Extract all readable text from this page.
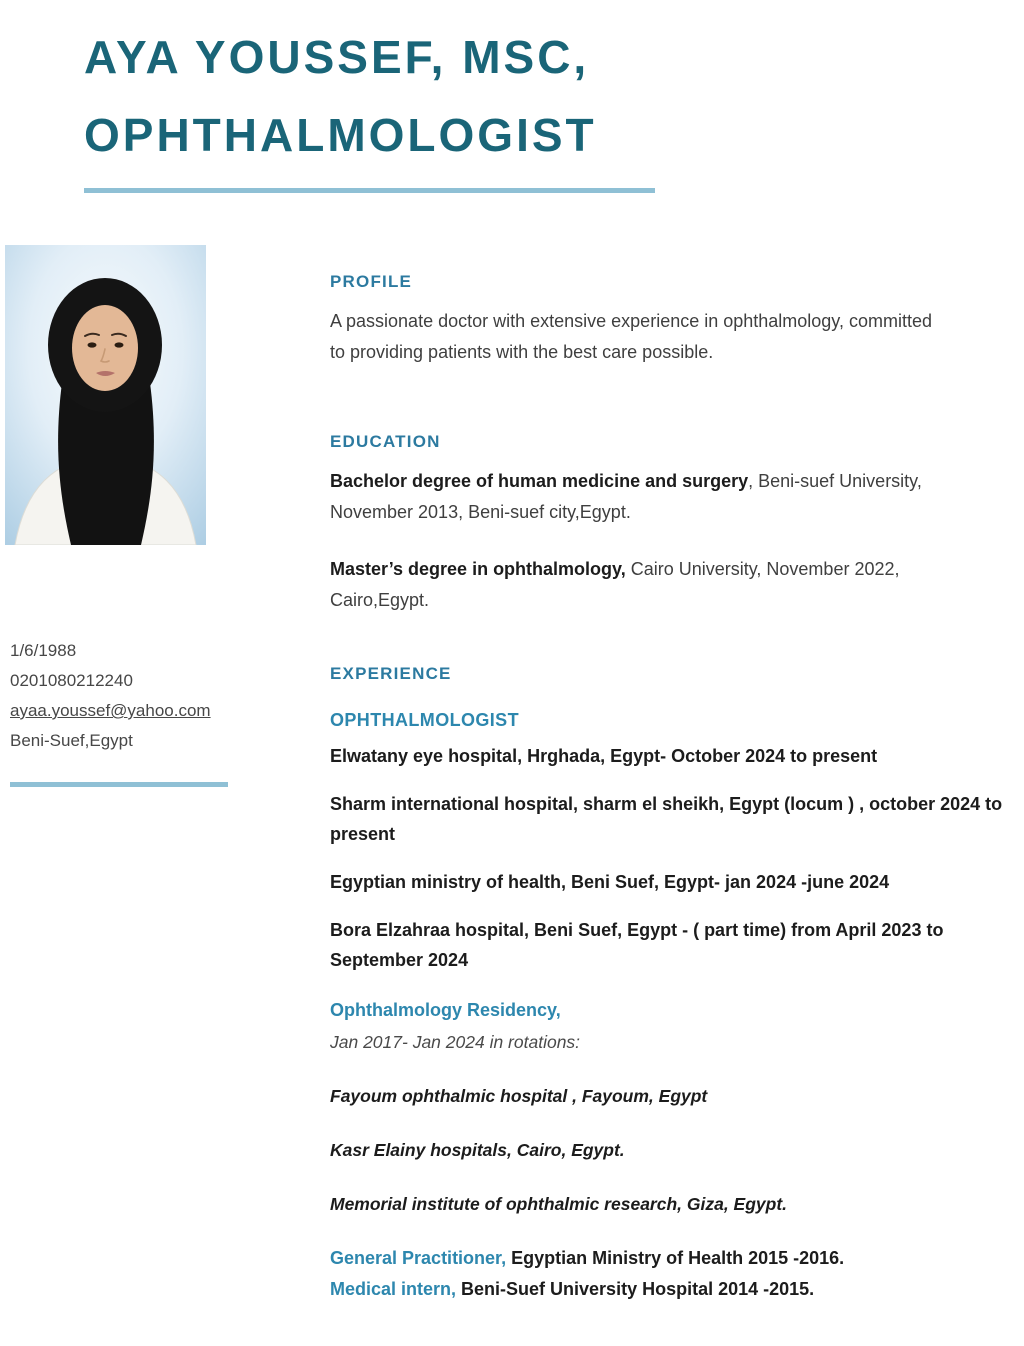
AYA YOUSSEF, MSC,
OPHTHALMOLOGIST
1/6/1988
0201080212240
ayaa.youssef@yahoo.com
Beni-Suef,Egypt
PROFILE

A passionate doctor with extensive experience in ophthalmology, committed to providing patients with the best care possible.

EDUCATION

Bachelor degree of human medicine and surgery, Beni-suef University, November 2013, Beni-suef city,Egypt.

Master’s degree in ophthalmology, Cairo University, November 2022, Cairo,Egypt.

EXPERIENCE
OPHTHALMOLOGIST

Elwatany eye hospital, Hrghada, Egypt- October 2024 to present

Sharm international hospital, sharm el sheikh, Egypt (locum ) , october 2024 to present

Egyptian ministry of health, Beni Suef, Egypt- jan 2024 -june 2024

Bora Elzahraa hospital, Beni Suef, Egypt - ( part time) from April 2023 to September 2024

Ophthalmology Residency,
Jan 2017- Jan 2024 in rotations:

Fayoum ophthalmic hospital , Fayoum, Egypt

Kasr Elainy hospitals, Cairo, Egypt.

Memorial institute of ophthalmic research, Giza, Egypt.

General Practitioner, Egyptian Ministry of Health 2015 -2016.

Medical intern, Beni-Suef University Hospital 2014 -2015.
